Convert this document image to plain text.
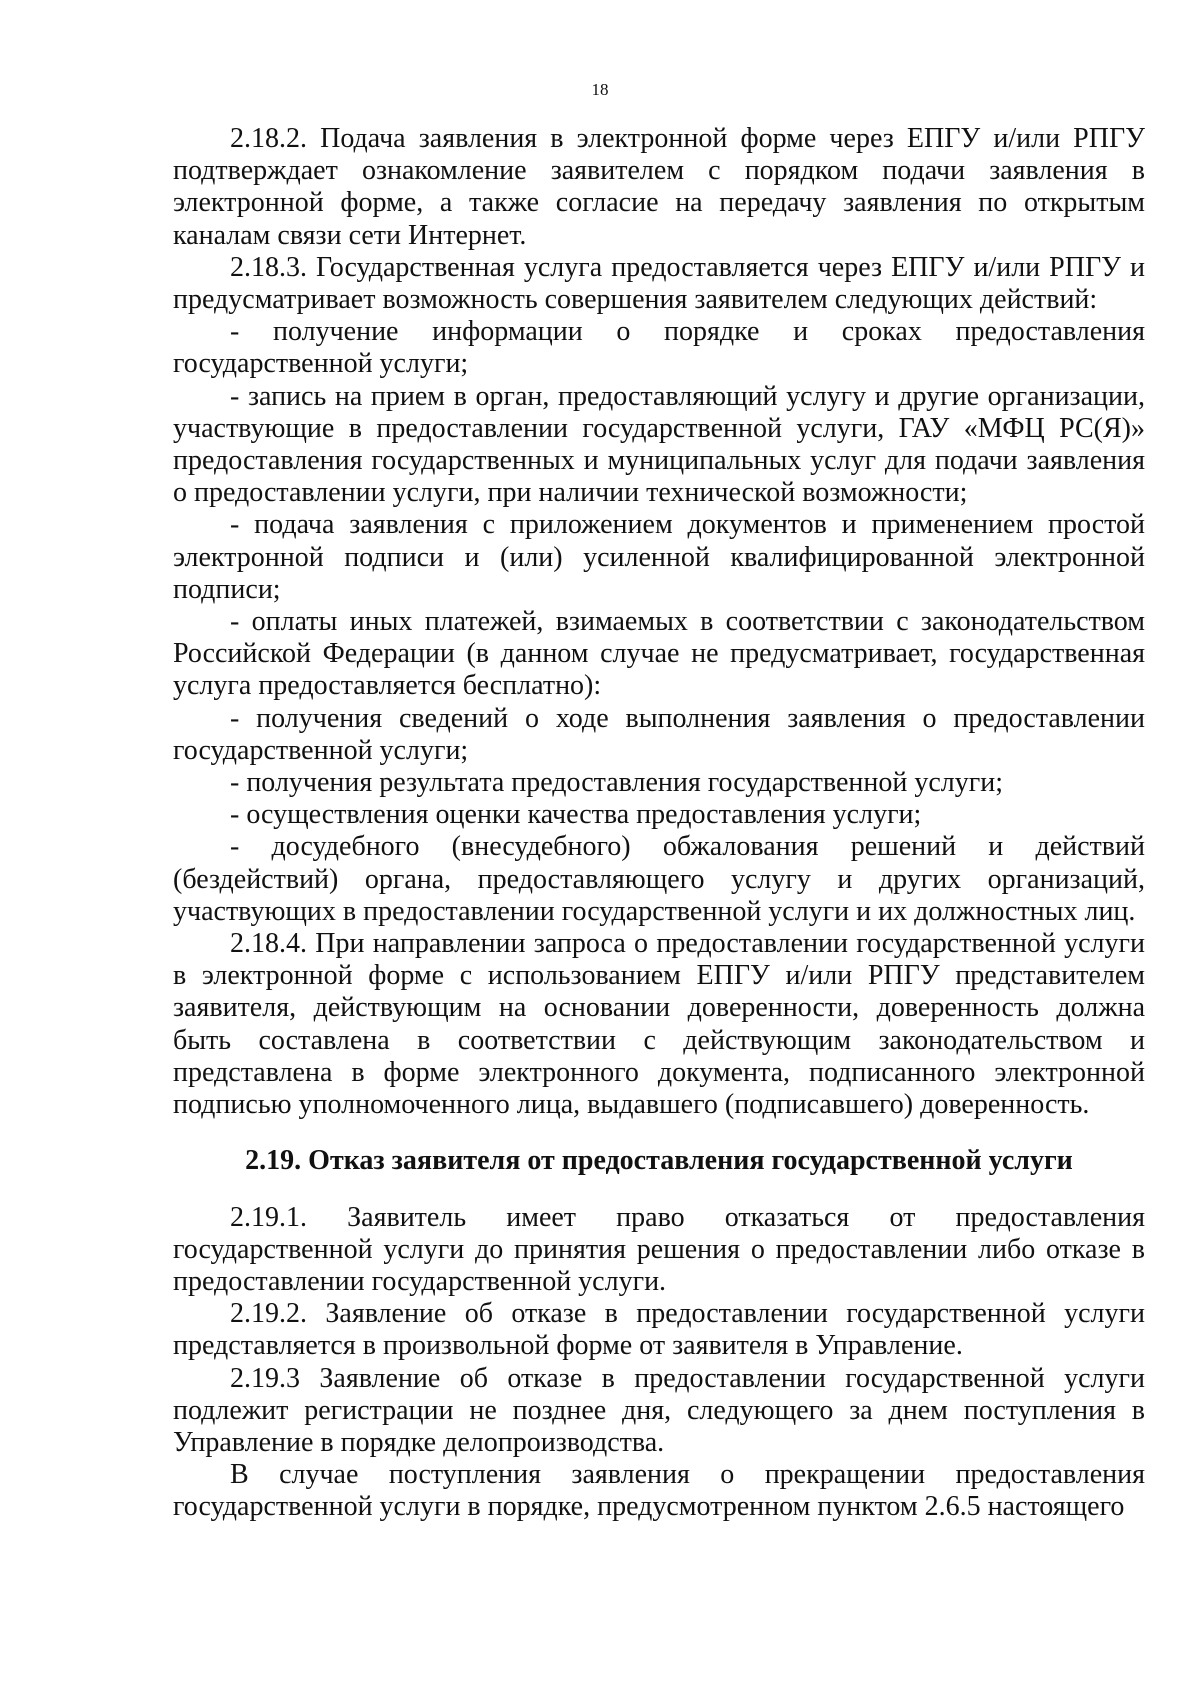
18

2.18.2. Подача заявления в электронной форме через ЕПГУ и/или РПГУ подтверждает ознакомление заявителем с порядком подачи заявления в электронной форме, а также согласие на передачу заявления по открытым каналам связи сети Интернет.

2.18.3. Государственная услуга предоставляется через ЕПГУ и/или РПГУ и предусматривает возможность совершения заявителем следующих действий:

- получение информации о порядке и сроках предоставления государственной услуги;

- запись на прием в орган, предоставляющий услугу и другие организации, участвующие в предоставлении государственной услуги, ГАУ «МФЦ РС(Я)» предоставления государственных и муниципальных услуг для подачи заявления о предоставлении услуги, при наличии технической возможности;

- подача заявления с приложением документов и применением простой электронной подписи и (или) усиленной квалифицированной электронной подписи;

- оплаты иных платежей, взимаемых в соответствии с законодательством Российской Федерации (в данном случае не предусматривает, государственная услуга предоставляется бесплатно):

- получения сведений о ходе выполнения заявления о предоставлении государственной услуги;

- получения результата предоставления государственной услуги;

- осуществления оценки качества предоставления услуги;

- досудебного (внесудебного) обжалования решений и действий (бездействий) органа, предоставляющего услугу и других организаций, участвующих в предоставлении государственной услуги и их должностных лиц.

2.18.4. При направлении запроса о предоставлении государственной услуги в электронной форме с использованием ЕПГУ и/или РПГУ представителем заявителя, действующим на основании доверенности, доверенность должна быть составлена в соответствии с действующим законодательством и представлена в форме электронного документа, подписанного электронной подписью уполномоченного лица, выдавшего (подписавшего) доверенность.

2.19. Отказ заявителя от предоставления государственной услуги

2.19.1. Заявитель имеет право отказаться от предоставления государственной услуги до принятия решения о предоставлении либо отказе в предоставлении государственной услуги.

2.19.2. Заявление об отказе в предоставлении государственной услуги представляется в произвольной форме от заявителя в Управление.

2.19.3 Заявление об отказе в предоставлении государственной услуги подлежит регистрации не позднее дня, следующего за днем поступления в Управление в порядке делопроизводства.

В случае поступления заявления о прекращении предоставления государственной услуги в порядке, предусмотренном пунктом 2.6.5 настоящего
